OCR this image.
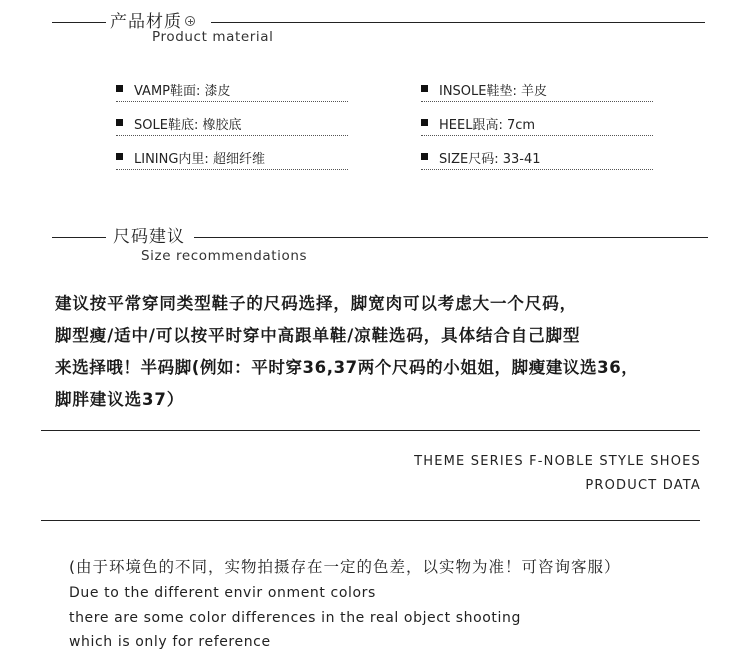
产品材质
Product material
VAMP鞋面: 漆皮
SOLE鞋底: 橡胶底
LINING内里: 超细纤维
INSOLE鞋垫: 羊皮
HEEL跟高: 7cm
SIZE尺码: 33-41
尺码建议
Size recommendations
建议按平常穿同类型鞋子的尺码选择，脚宽肉可以考虑大一个尺码，
脚型瘦/适中/可以按平时穿中高跟单鞋/凉鞋选码，具体结合自己脚型
来选择哦！半码脚(例如：平时穿36,37两个尺码的小姐姐，脚瘦建议选36，
脚胖建议选37）
THEME SERIES F-NOBLE STYLE SHOES
PRODUCT DATA
(由于环境色的不同，实物拍摄存在一定的色差，以实物为准！可咨询客服）
Due to the different envir onment colors
there are some color differences in the real object shooting
which is only for reference
